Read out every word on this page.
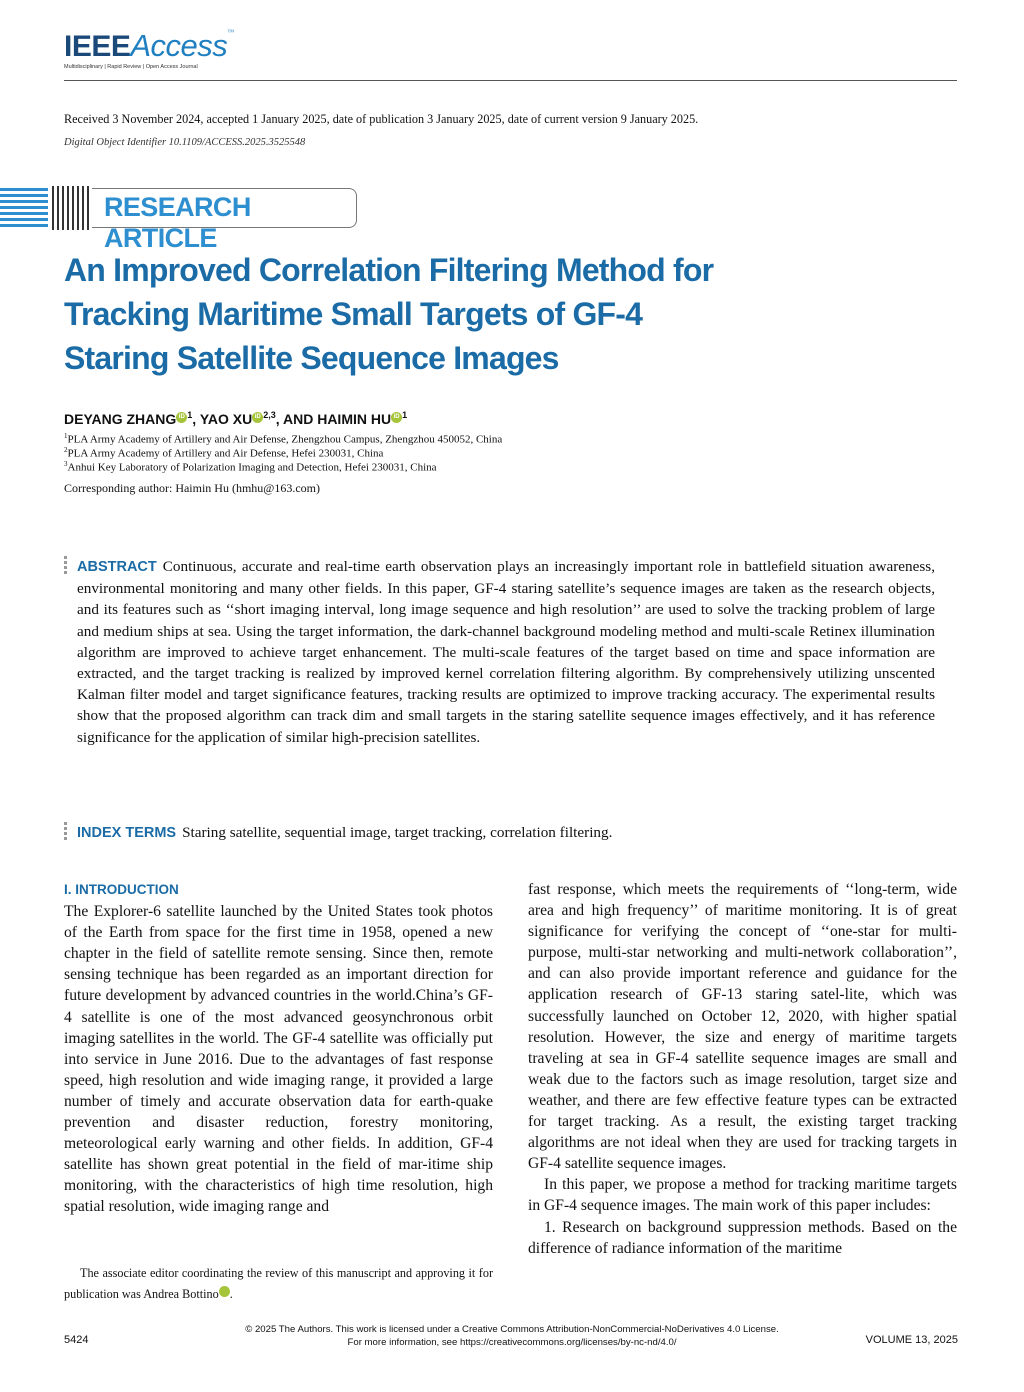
IEEEAccess™
Multidisciplinary | Rapid Review | Open Access Journal
Received 3 November 2024, accepted 1 January 2025, date of publication 3 January 2025, date of current version 9 January 2025.
Digital Object Identifier 10.1109/ACCESS.2025.3525548
RESEARCH ARTICLE
An Improved Correlation Filtering Method for
Tracking Maritime Small Targets of GF-4
Staring Satellite Sequence Images
DEYANG ZHANG iD $^1$, YAO XU iD $^{2,3}$, AND HAIMIN HU iD $^1$
$^1$PLA Army Academy of Artillery and Air Defense, Zhengzhou Campus, Zhengzhou 450052, China
$^2$PLA Army Academy of Artillery and Air Defense, Hefei 230031, China
$^3$Anhui Key Laboratory of Polarization Imaging and Detection, Hefei 230031, China
Corresponding author: Haimin Hu (hmhu@163.com)
ABSTRACT Continuous, accurate and real-time earth observation plays an increasingly important role in battlefield situation awareness, environmental monitoring and many other fields. In this paper, GF-4 staring satellite’s sequence images are taken as the research objects, and its features such as ‘‘short imaging interval, long image sequence and high resolution’’ are used to solve the tracking problem of large and medium ships at sea. Using the target information, the dark-channel background modeling method and multi-scale Retinex illumination algorithm are improved to achieve target enhancement. The multi-scale features of the target based on time and space information are extracted, and the target tracking is realized by improved kernel correlation filtering algorithm. By comprehensively utilizing unscented Kalman filter model and target significance features, tracking results are optimized to improve tracking accuracy. The experimental results show that the proposed algorithm can track dim and small targets in the staring satellite sequence images effectively, and it has reference significance for the application of similar high-precision satellites.
INDEX TERMS Staring satellite, sequential image, target tracking, correlation filtering.
I. INTRODUCTION
The Explorer-6 satellite launched by the United States took photos of the Earth from space for the first time in 1958, opened a new chapter in the field of satellite remote sensing. Since then, remote sensing technique has been regarded as an important direction for future development by advanced countries in the world.China’s GF-4 satellite is one of the most advanced geosynchronous orbit imaging satellites in the world. The GF-4 satellite was officially put into service in June 2016. Due to the advantages of fast response speed, high resolution and wide imaging range, it provided a large number of timely and accurate observation data for earth-quake prevention and disaster reduction, forestry monitoring, meteorological early warning and other fields. In addition, GF-4 satellite has shown great potential in the field of mar-itime ship monitoring, with the characteristics of high time resolution, high spatial resolution, wide imaging range and
fast response, which meets the requirements of ‘‘long-term, wide area and high frequency’’ of maritime monitoring. It is of great significance for verifying the concept of ‘‘one-star for multi-purpose, multi-star networking and multi-network collaboration’’, and can also provide important reference and guidance for the application research of GF-13 staring satel-lite, which was successfully launched on October 12, 2020, with higher spatial resolution. However, the size and energy of maritime targets traveling at sea in GF-4 satellite sequence images are small and weak due to the factors such as image resolution, target size and weather, and there are few effective feature types can be extracted for target tracking. As a result, the existing target tracking algorithms are not ideal when they are used for tracking targets in GF-4 satellite sequence images.
In this paper, we propose a method for tracking maritime targets in GF-4 sequence images. The main work of this paper includes:
1. Research on background suppression methods. Based on the difference of radiance information of the maritime
The associate editor coordinating the review of this manuscript and approving it for publication was Andrea Bottino	iD.
© 2025 The Authors. This work is licensed under a Creative Commons Attribution-NonCommercial-NoDerivatives 4.0 License.
For more information, see https://creativecommons.org/licenses/by-nc-nd/4.0/
5424	VOLUME 13, 2025
